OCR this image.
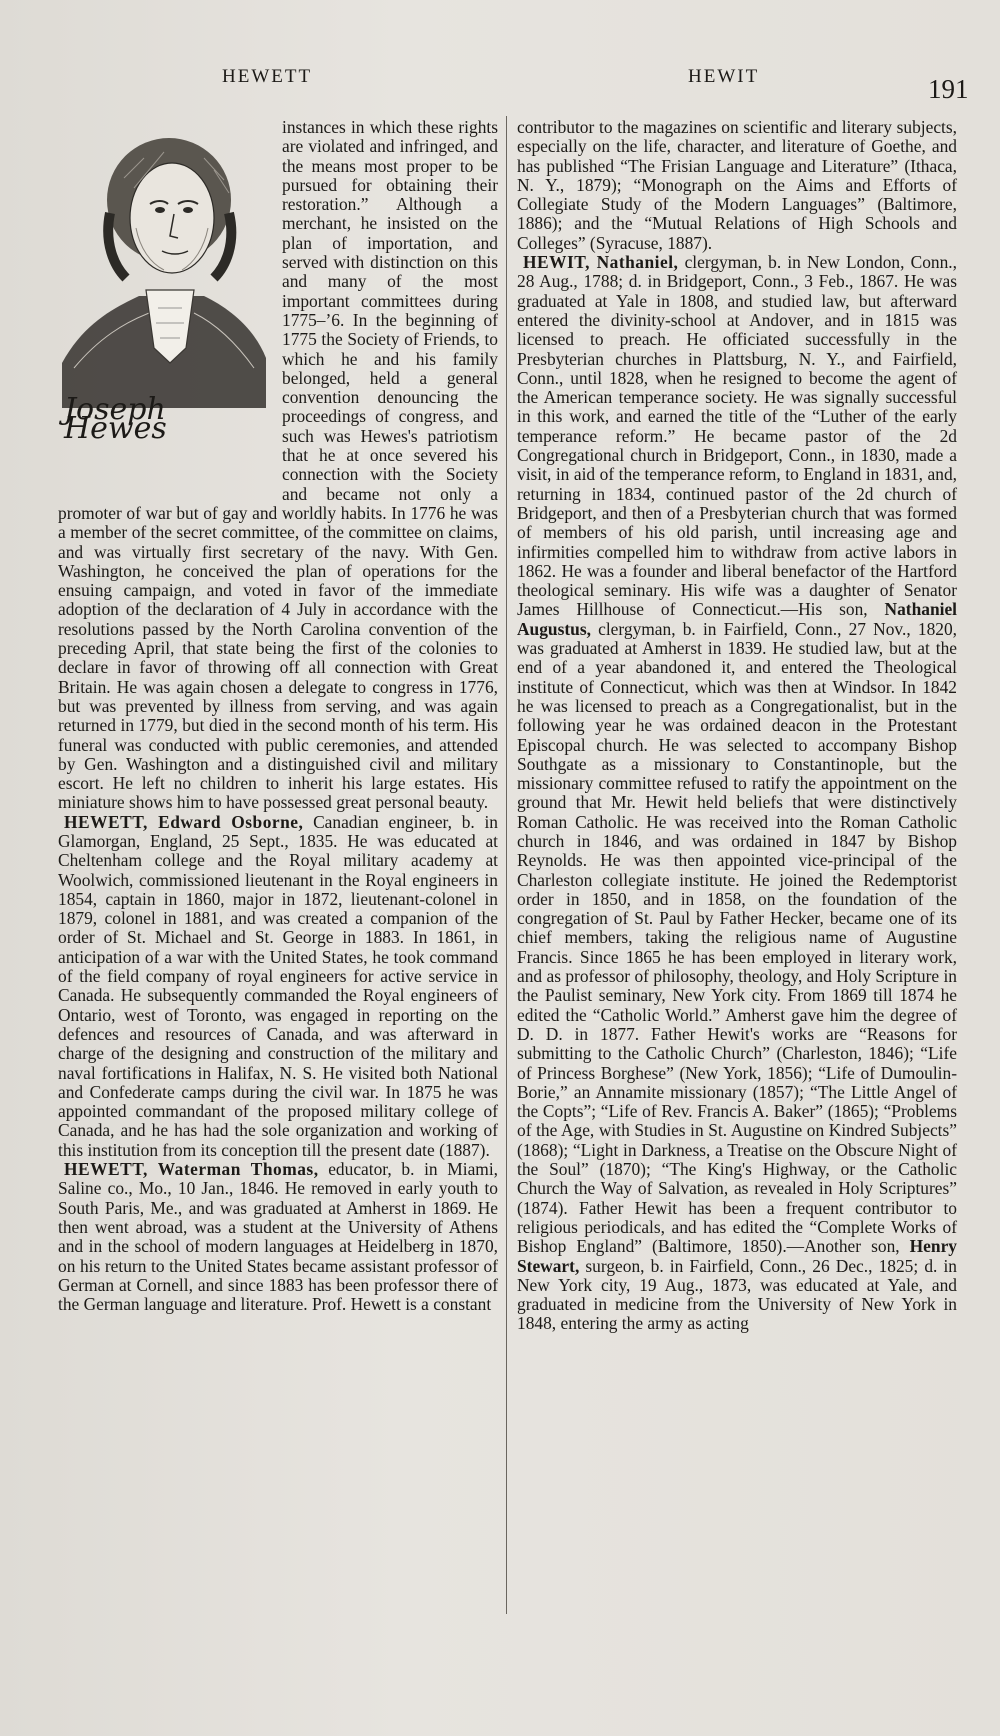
HEWETT	HEWIT	191
Joseph Hewes

instances in which these rights are violated and infringed, and the means most proper to be pursued for obtaining their restoration.” Although a merchant, he insisted on the plan of importation, and served with distinction on this and many of the most important committees during 1775–’6. In the beginning of 1775 the Society of Friends, to which he and his family belonged, held a general convention denouncing the proceedings of congress, and such was Hewes's patriotism that he at once severed his connection with the Society and became not only a promoter of war but of gay and worldly habits. In 1776 he was a member of the secret committee, of the committee on claims, and was virtually first secretary of the navy. With Gen. Washington, he conceived the plan of operations for the ensuing campaign, and voted in favor of the immediate adoption of the declaration of 4 July in accordance with the resolutions passed by the North Carolina convention of the preceding April, that state being the first of the colonies to declare in favor of throwing off all connection with Great Britain. He was again chosen a delegate to congress in 1776, but was prevented by illness from serving, and was again returned in 1779, but died in the second month of his term. His funeral was conducted with public ceremonies, and attended by Gen. Washington and a distinguished civil and military escort. He left no children to inherit his large estates. His miniature shows him to have possessed great personal beauty.

HEWETT, Edward Osborne, Canadian engineer, b. in Glamorgan, England, 25 Sept., 1835. He was educated at Cheltenham college and the Royal military academy at Woolwich, commissioned lieutenant in the Royal engineers in 1854, captain in 1860, major in 1872, lieutenant-colonel in 1879, colonel in 1881, and was created a companion of the order of St. Michael and St. George in 1883. In 1861, in anticipation of a war with the United States, he took command of the field company of royal engineers for active service in Canada. He subsequently commanded the Royal engineers of Ontario, west of Toronto, was engaged in reporting on the defences and resources of Canada, and was afterward in charge of the designing and construction of the military and naval fortifications in Halifax, N. S. He visited both National and Confederate camps during the civil war. In 1875 he was appointed commandant of the proposed military college of Canada, and he has had the sole organization and working of this institution from its conception till the present date (1887).

HEWETT, Waterman Thomas, educator, b. in Miami, Saline co., Mo., 10 Jan., 1846. He removed in early youth to South Paris, Me., and was graduated at Amherst in 1869. He then went abroad, was a student at the University of Athens and in the school of modern languages at Heidelberg in 1870, on his return to the United States became assistant professor of German at Cornell, and since 1883 has been professor there of the German language and literature. Prof. Hewett is a constant

contributor to the magazines on scientific and literary subjects, especially on the life, character, and literature of Goethe, and has published “The Frisian Language and Literature” (Ithaca, N. Y., 1879); “Monograph on the Aims and Efforts of Collegiate Study of the Modern Languages” (Baltimore, 1886); and the “Mutual Relations of High Schools and Colleges” (Syracuse, 1887).

HEWIT, Nathaniel, clergyman, b. in New London, Conn., 28 Aug., 1788; d. in Bridgeport, Conn., 3 Feb., 1867. He was graduated at Yale in 1808, and studied law, but afterward entered the divinity-school at Andover, and in 1815 was licensed to preach. He officiated successfully in the Presbyterian churches in Plattsburg, N. Y., and Fairfield, Conn., until 1828, when he resigned to become the agent of the American temperance society. He was signally successful in this work, and earned the title of the “Luther of the early temperance reform.” He became pastor of the 2d Congregational church in Bridgeport, Conn., in 1830, made a visit, in aid of the temperance reform, to England in 1831, and, returning in 1834, continued pastor of the 2d church of Bridgeport, and then of a Presbyterian church that was formed of members of his old parish, until increasing age and infirmities compelled him to withdraw from active labors in 1862. He was a founder and liberal benefactor of the Hartford theological seminary. His wife was a daughter of Senator James Hillhouse of Connecticut.—His son, Nathaniel Augustus, clergyman, b. in Fairfield, Conn., 27 Nov., 1820, was graduated at Amherst in 1839. He studied law, but at the end of a year abandoned it, and entered the Theological institute of Connecticut, which was then at Windsor. In 1842 he was licensed to preach as a Congregationalist, but in the following year he was ordained deacon in the Protestant Episcopal church. He was selected to accompany Bishop Southgate as a missionary to Constantinople, but the missionary committee refused to ratify the appointment on the ground that Mr. Hewit held beliefs that were distinctively Roman Catholic. He was received into the Roman Catholic church in 1846, and was ordained in 1847 by Bishop Reynolds. He was then appointed vice-principal of the Charleston collegiate institute. He joined the Redemptorist order in 1850, and in 1858, on the foundation of the congregation of St. Paul by Father Hecker, became one of its chief members, taking the religious name of Augustine Francis. Since 1865 he has been employed in literary work, and as professor of philosophy, theology, and Holy Scripture in the Paulist seminary, New York city. From 1869 till 1874 he edited the “Catholic World.” Amherst gave him the degree of D. D. in 1877. Father Hewit's works are “Reasons for submitting to the Catholic Church” (Charleston, 1846); “Life of Princess Borghese” (New York, 1856); “Life of Dumoulin-Borie,” an Annamite missionary (1857); “The Little Angel of the Copts”; “Life of Rev. Francis A. Baker” (1865); “Problems of the Age, with Studies in St. Augustine on Kindred Subjects” (1868); “Light in Darkness, a Treatise on the Obscure Night of the Soul” (1870); “The King's Highway, or the Catholic Church the Way of Salvation, as revealed in Holy Scriptures” (1874). Father Hewit has been a frequent contributor to religious periodicals, and has edited the “Complete Works of Bishop England” (Baltimore, 1850).—Another son, Henry Stewart, surgeon, b. in Fairfield, Conn., 26 Dec., 1825; d. in New York city, 19 Aug., 1873, was educated at Yale, and graduated in medicine from the University of New York in 1848, entering the army as acting
